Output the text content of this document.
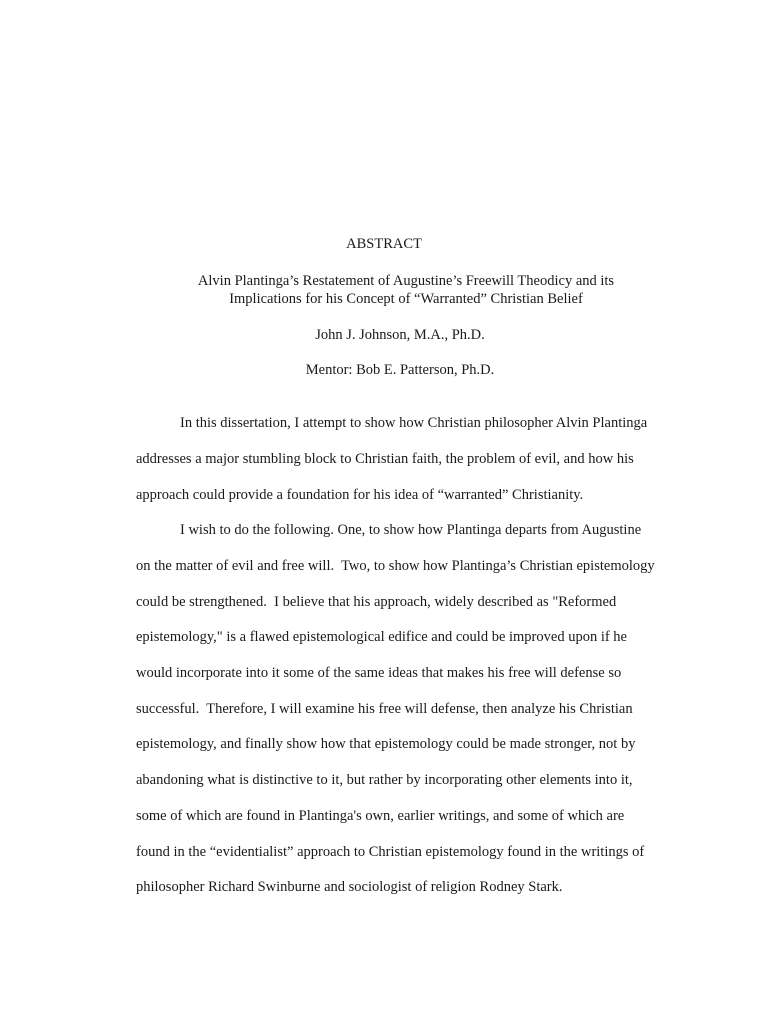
ABSTRACT
Alvin Plantinga’s Restatement of Augustine’s Freewill Theodicy and its
Implications for his Concept of “Warranted” Christian Belief
John J. Johnson, M.A., Ph.D.
Mentor: Bob E. Patterson, Ph.D.
In this dissertation, I attempt to show how Christian philosopher Alvin Plantinga
addresses a major stumbling block to Christian faith, the problem of evil, and how his
approach could provide a foundation for his idea of “warranted” Christianity.
I wish to do the following. One, to show how Plantinga departs from Augustine
on the matter of evil and free will.  Two, to show how Plantinga’s Christian epistemology
could be strengthened.  I believe that his approach, widely described as "Reformed
epistemology," is a flawed epistemological edifice and could be improved upon if he
would incorporate into it some of the same ideas that makes his free will defense so
successful.  Therefore, I will examine his free will defense, then analyze his Christian
epistemology, and finally show how that epistemology could be made stronger, not by
abandoning what is distinctive to it, but rather by incorporating other elements into it,
some of which are found in Plantinga's own, earlier writings, and some of which are
found in the “evidentialist” approach to Christian epistemology found in the writings of
philosopher Richard Swinburne and sociologist of religion Rodney Stark.
